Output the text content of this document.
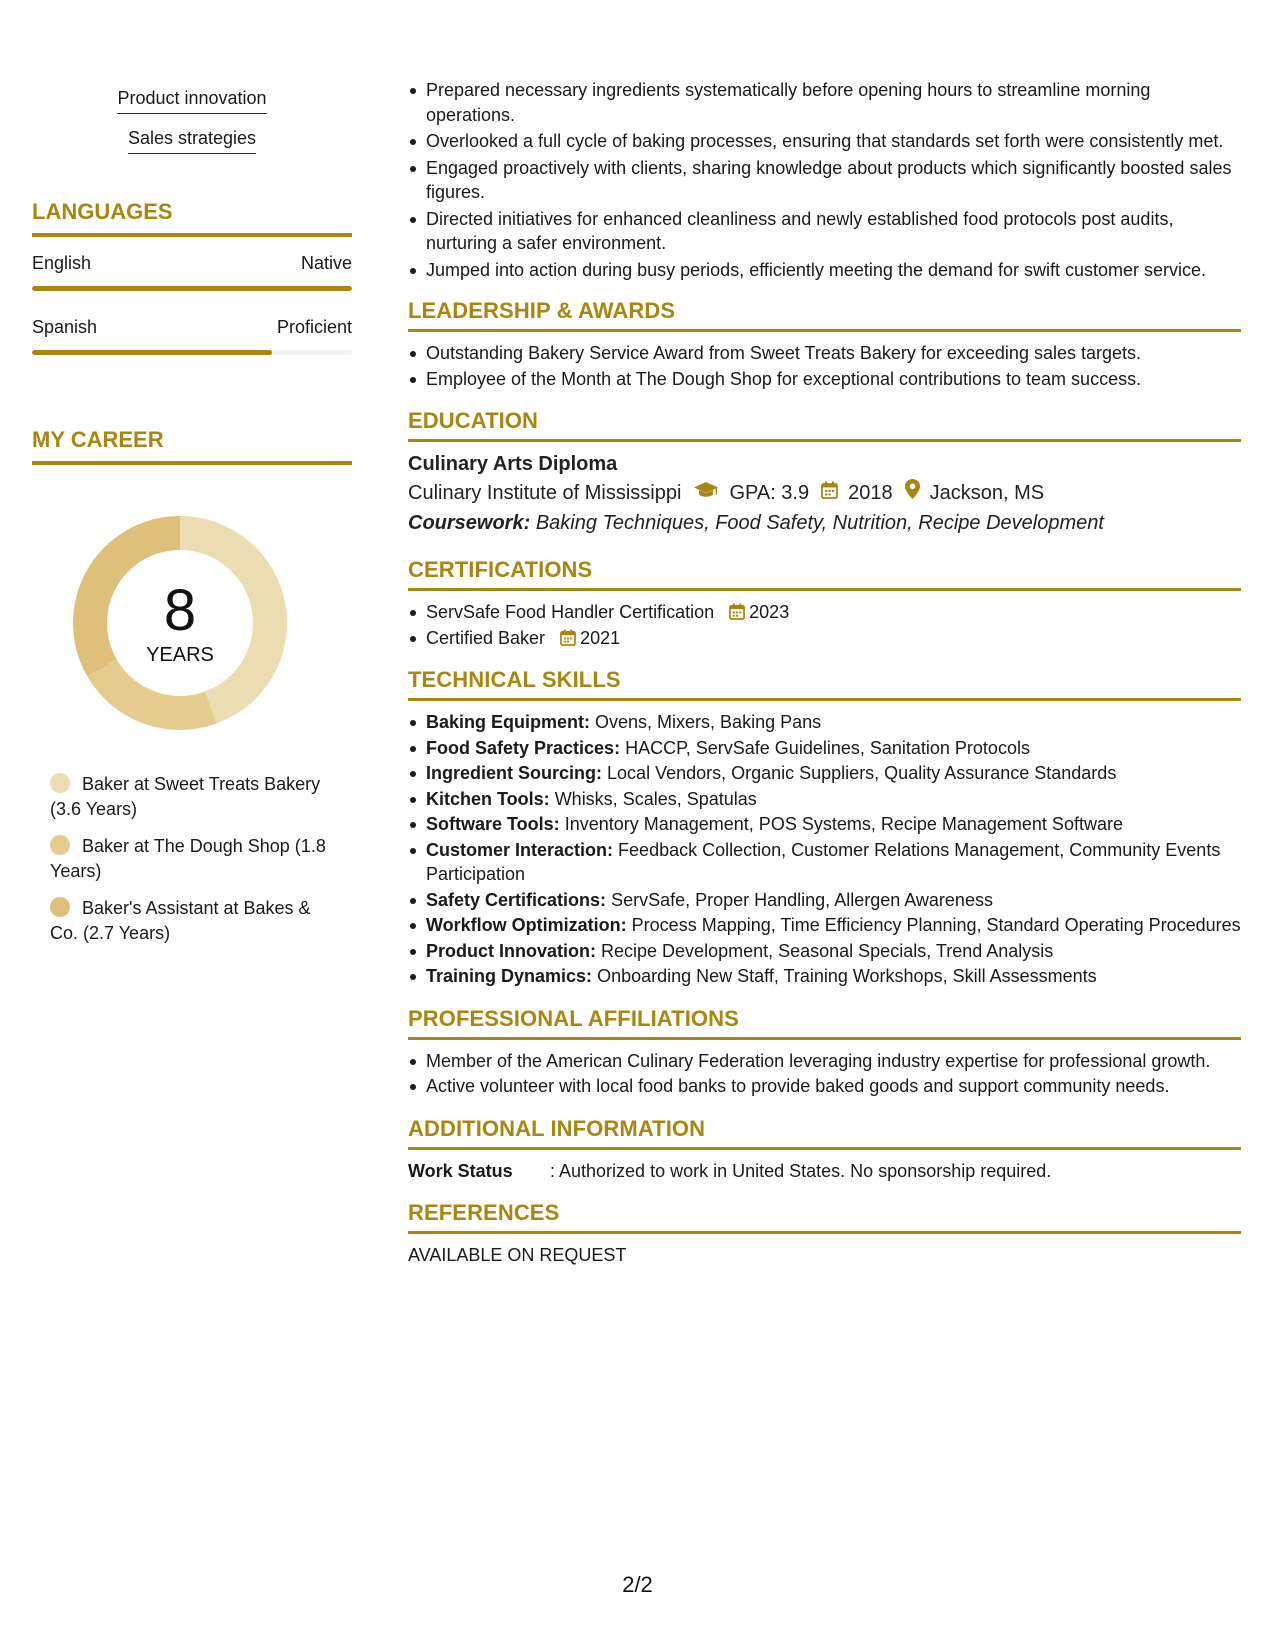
Product innovation
Sales strategies
LANGUAGES
English	Native
Spanish	Proficient
MY CAREER
8
YEARS
Baker at Sweet Treats Bakery (3.6 Years)
Baker at The Dough Shop (1.8 Years)
Baker's Assistant at Bakes & Co. (2.7 Years)
Prepared necessary ingredients systematically before opening hours to streamline morning operations.
Overlooked a full cycle of baking processes, ensuring that standards set forth were consistently met.
Engaged proactively with clients, sharing knowledge about products which significantly boosted sales figures.
Directed initiatives for enhanced cleanliness and newly established food protocols post audits, nurturing a safer environment.
Jumped into action during busy periods, efficiently meeting the demand for swift customer service.
LEADERSHIP & AWARDS
Outstanding Bakery Service Award from Sweet Treats Bakery for exceeding sales targets.
Employee of the Month at The Dough Shop for exceptional contributions to team success.
EDUCATION
Culinary Arts Diploma
Culinary Institute of Mississippi GPA: 3.9 2018 Jackson, MS
Coursework: Baking Techniques, Food Safety, Nutrition, Recipe Development
CERTIFICATIONS
ServSafe Food Handler Certification 2023
Certified Baker 2021
TECHNICAL SKILLS
Baking Equipment: Ovens, Mixers, Baking Pans
Food Safety Practices: HACCP, ServSafe Guidelines, Sanitation Protocols
Ingredient Sourcing: Local Vendors, Organic Suppliers, Quality Assurance Standards
Kitchen Tools: Whisks, Scales, Spatulas
Software Tools: Inventory Management, POS Systems, Recipe Management Software
Customer Interaction: Feedback Collection, Customer Relations Management, Community Events Participation
Safety Certifications: ServSafe, Proper Handling, Allergen Awareness
Workflow Optimization: Process Mapping, Time Efficiency Planning, Standard Operating Procedures
Product Innovation: Recipe Development, Seasonal Specials, Trend Analysis
Training Dynamics: Onboarding New Staff, Training Workshops, Skill Assessments
PROFESSIONAL AFFILIATIONS
Member of the American Culinary Federation leveraging industry expertise for professional growth.
Active volunteer with local food banks to provide baked goods and support community needs.
ADDITIONAL INFORMATION
Work Status	: Authorized to work in United States. No sponsorship required.
REFERENCES
AVAILABLE ON REQUEST
2/2
